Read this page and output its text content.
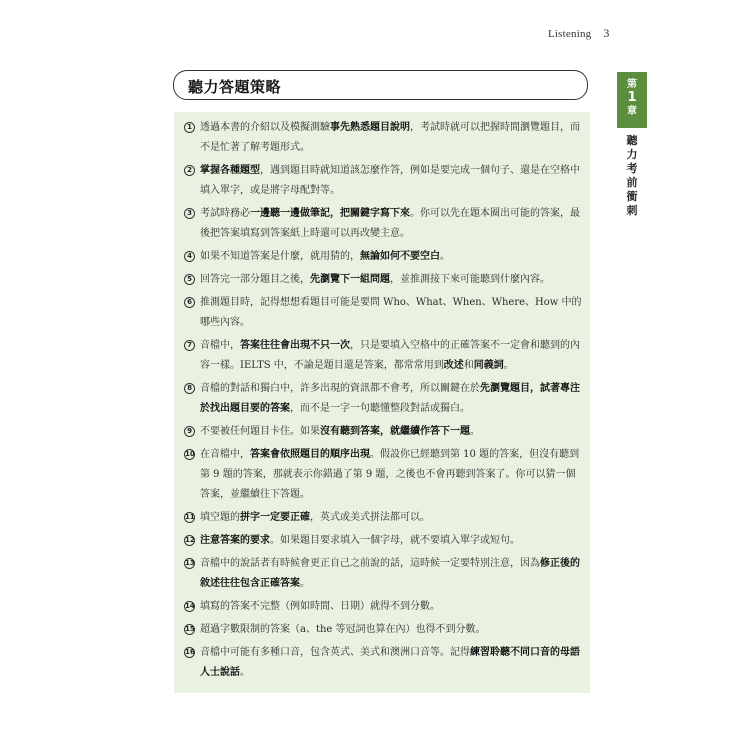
Listening 3
第
1
章
聽
力
考
前
衝
刺
聽力答題策略
1 透過本書的介紹以及模擬測驗事先熟悉題目說明，考試時就可以把握時間瀏覽題目，而不是忙著了解考題形式。
2 掌握各種題型，遇到題目時就知道該怎麼作答，例如是要完成一個句子、還是在空格中填入單字，或是將字母配對等。
3 考試時務必一邊聽一邊做筆記，把關鍵字寫下來。你可以先在題本圈出可能的答案，最後把答案填寫到答案紙上時還可以再改變主意。
4 如果不知道答案是什麼，就用猜的，無論如何不要空白。
5 回答完一部分題目之後，先瀏覽下一組問題，並推測接下來可能聽到什麼內容。
6 推測題目時，記得想想看題目可能是要問 Who、What、When、Where、How 中的哪些內容。
7 音檔中，答案往往會出現不只一次，只是要填入空格中的正確答案不一定會和聽到的內容一樣。IELTS 中，不論是題目還是答案，都常常用到改述和同義詞。
8 音檔的對話和獨白中，許多出現的資訊都不會考，所以關鍵在於先瀏覽題目，試著專注於找出題目要的答案，而不是一字一句聽懂整段對話或獨白。
9 不要被任何題目卡住。如果沒有聽到答案，就繼續作答下一題。
10 在音檔中，答案會依照題目的順序出現。假設你已經聽到第 10 題的答案，但沒有聽到第 9 題的答案，那就表示你錯過了第 9 題，之後也不會再聽到答案了。你可以猜一個答案，並繼續往下答題。
11 填空題的拼字一定要正確，英式或美式拼法都可以。
12 注意答案的要求。如果題目要求填入一個字母，就不要填入單字或短句。
13 音檔中的說話者有時候會更正自己之前說的話，這時候一定要特別注意，因為修正後的敘述往往包含正確答案。
14 填寫的答案不完整（例如時間、日期）就得不到分數。
15 超過字數限制的答案（a、the 等冠詞也算在內）也得不到分數。
16 音檔中可能有多種口音，包含英式、美式和澳洲口音等。記得練習聆聽不同口音的母語人士說話。
